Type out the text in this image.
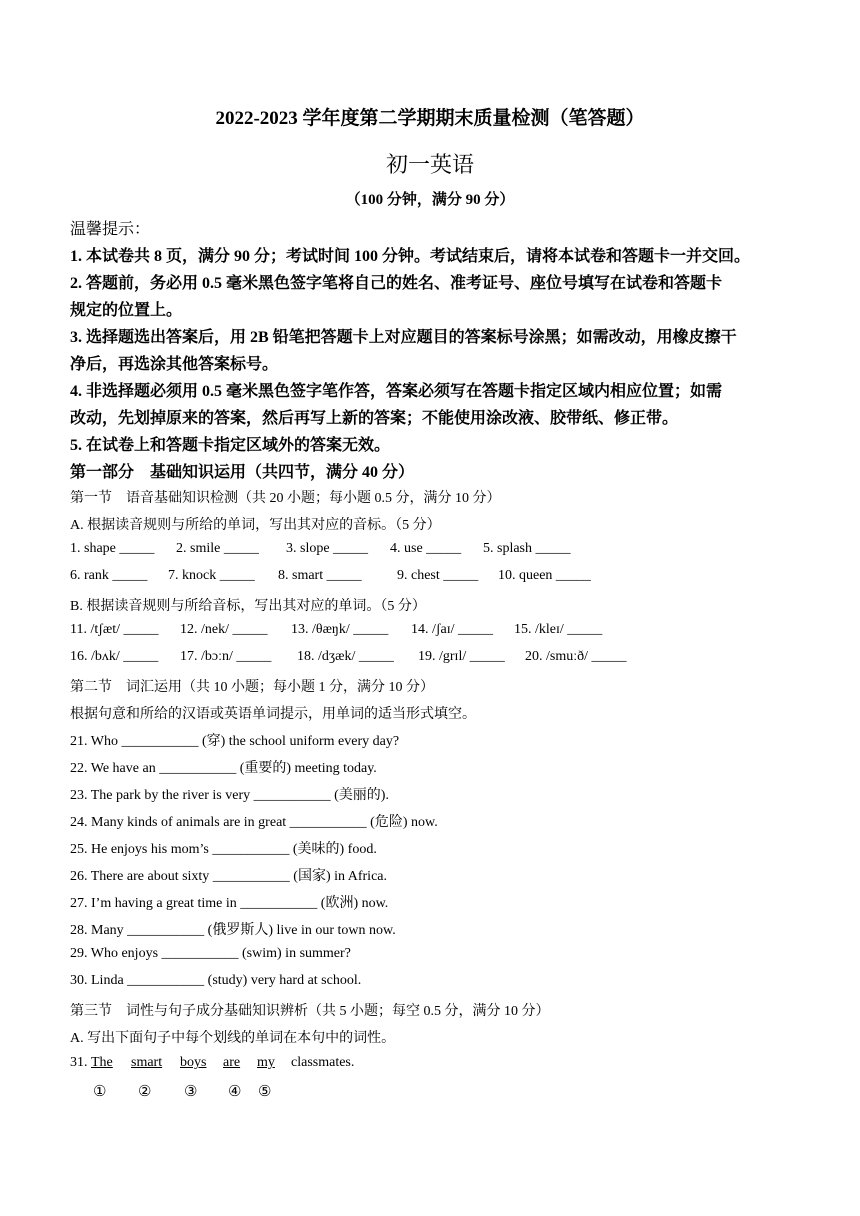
2022-2023 学年度第二学期期末质量检测（笔答题）
初一英语
（100 分钟，满分 90 分）
温馨提示：
1. 本试卷共 8 页，满分 90 分；考试时间 100 分钟。考试结束后，请将本试卷和答题卡一并交回。
2. 答题前，务必用 0.5 毫米黑色签字笔将自己的姓名、准考证号、座位号填写在试卷和答题卡
规定的位置上。
3. 选择题选出答案后，用 2B 铅笔把答题卡上对应题目的答案标号涂黑；如需改动，用橡皮擦干
净后，再选涂其他答案标号。
4. 非选择题必须用 0.5 毫米黑色签字笔作答，答案必须写在答题卡指定区域内相应位置；如需
改动，先划掉原来的答案，然后再写上新的答案；不能使用涂改液、胶带纸、修正带。
5. 在试卷上和答题卡指定区域外的答案无效。
第一部分　基础知识运用（共四节，满分 40 分）
第一节　语音基础知识检测（共 20 小题；每小题 0.5 分，满分 10 分）
A. 根据读音规则与所给的单词，写出其对应的音标。（5 分）
1. shape _____ 2. smile _____ 3. slope _____ 4. use _____ 5. splash _____
6. rank _____ 7. knock _____ 8. smart _____	9. chest _____ 10. queen _____
B. 根据读音规则与所给音标，写出其对应的单词。（5 分）
11. /tʃæt/ _____ 12. /nek/ _____ 13. /θæŋk/ _____ 14. /ʃaɪ/ _____ 15. /kleɪ/ _____
16. /bʌk/ _____ 17. /bɔːn/ _____ 18. /dʒæk/ _____ 19. /grɪl/ _____ 20. /smuːð/ _____
第二节　词汇运用（共 10 小题；每小题 1 分，满分 10 分）
根据句意和所给的汉语或英语单词提示，用单词的适当形式填空。
21. Who ___________ (穿) the school uniform every day?
22. We have an ___________ (重要的) meeting today.
23. The park by the river is very ___________ (美丽的).
24. Many kinds of animals are in great ___________ (危险) now.
25. He enjoys his mom’s ___________ (美味的) food.
26. There are about sixty ___________ (国家) in Africa.
27. I’m having a great time in ___________ (欧洲) now.
28. Many ___________ (俄罗斯人) live in our town now.
29. Who enjoys ___________ (swim) in summer?
30. Linda ___________ (study) very hard at school.
第三节　词性与句子成分基础知识辨析（共 5 小题；每空 0.5 分，满分 10 分）
A. 写出下面句子中每个划线的单词在本句中的词性。
31. The smart boys are my classmates.
① ② ③ ④ ⑤
